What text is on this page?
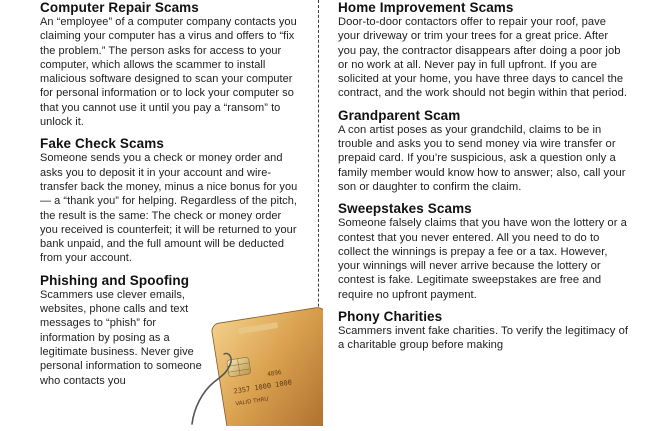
Computer Repair Scams

An “employee” of a computer company contacts you claiming your computer has a virus and offers to “fix the problem.” The person asks for access to your computer, which allows the scammer to install malicious software designed to scan your computer for personal information or to lock your computer so that you cannot use it until you pay a “ransom” to unlock it.

Fake Check Scams

Someone sends you a check or money order and asks you to deposit it in your account and wire-transfer back the money, minus a nice bonus for you — a “thank you” for helping. Regardless of the pitch, the result is the same: The check or money order you received is counterfeit; it will be returned to your bank unpaid, and the full amount will be deducted from your account.

Phishing and Spoofing

Scammers use clever emails, websites, phone calls and text messages to “phish” for information by posing as a legitimate business. Never give personal information to someone who contacts you

Home Improvement Scams

Door-to-door contactors offer to repair your roof, pave your driveway or trim your trees for a great price. After you pay, the contractor disappears after doing a poor job or no work at all. Never pay in full upfront. If you are solicited at your home, you have three days to cancel the contract, and the work should not begin within that period.

Grandparent Scam

A con artist poses as your grandchild, claims to be in trouble and asks you to send money via wire transfer or prepaid card. If you’re suspicious, ask a question only a family member would know how to answer; also, call your son or daughter to confirm the claim.

Sweepstakes Scams

Someone falsely claims that you have won the lottery or a contest that you never entered. All you need to do to collect the winnings is prepay a fee or a tax. However, your winnings will never arrive because the lottery or contest is fake. Legitimate sweepstakes are free and require no upfront payment.

Phony Charities

Scammers invent fake charities. To verify the legitimacy of a charitable group before making

2357 1000 1000
VALID THRU
4896
